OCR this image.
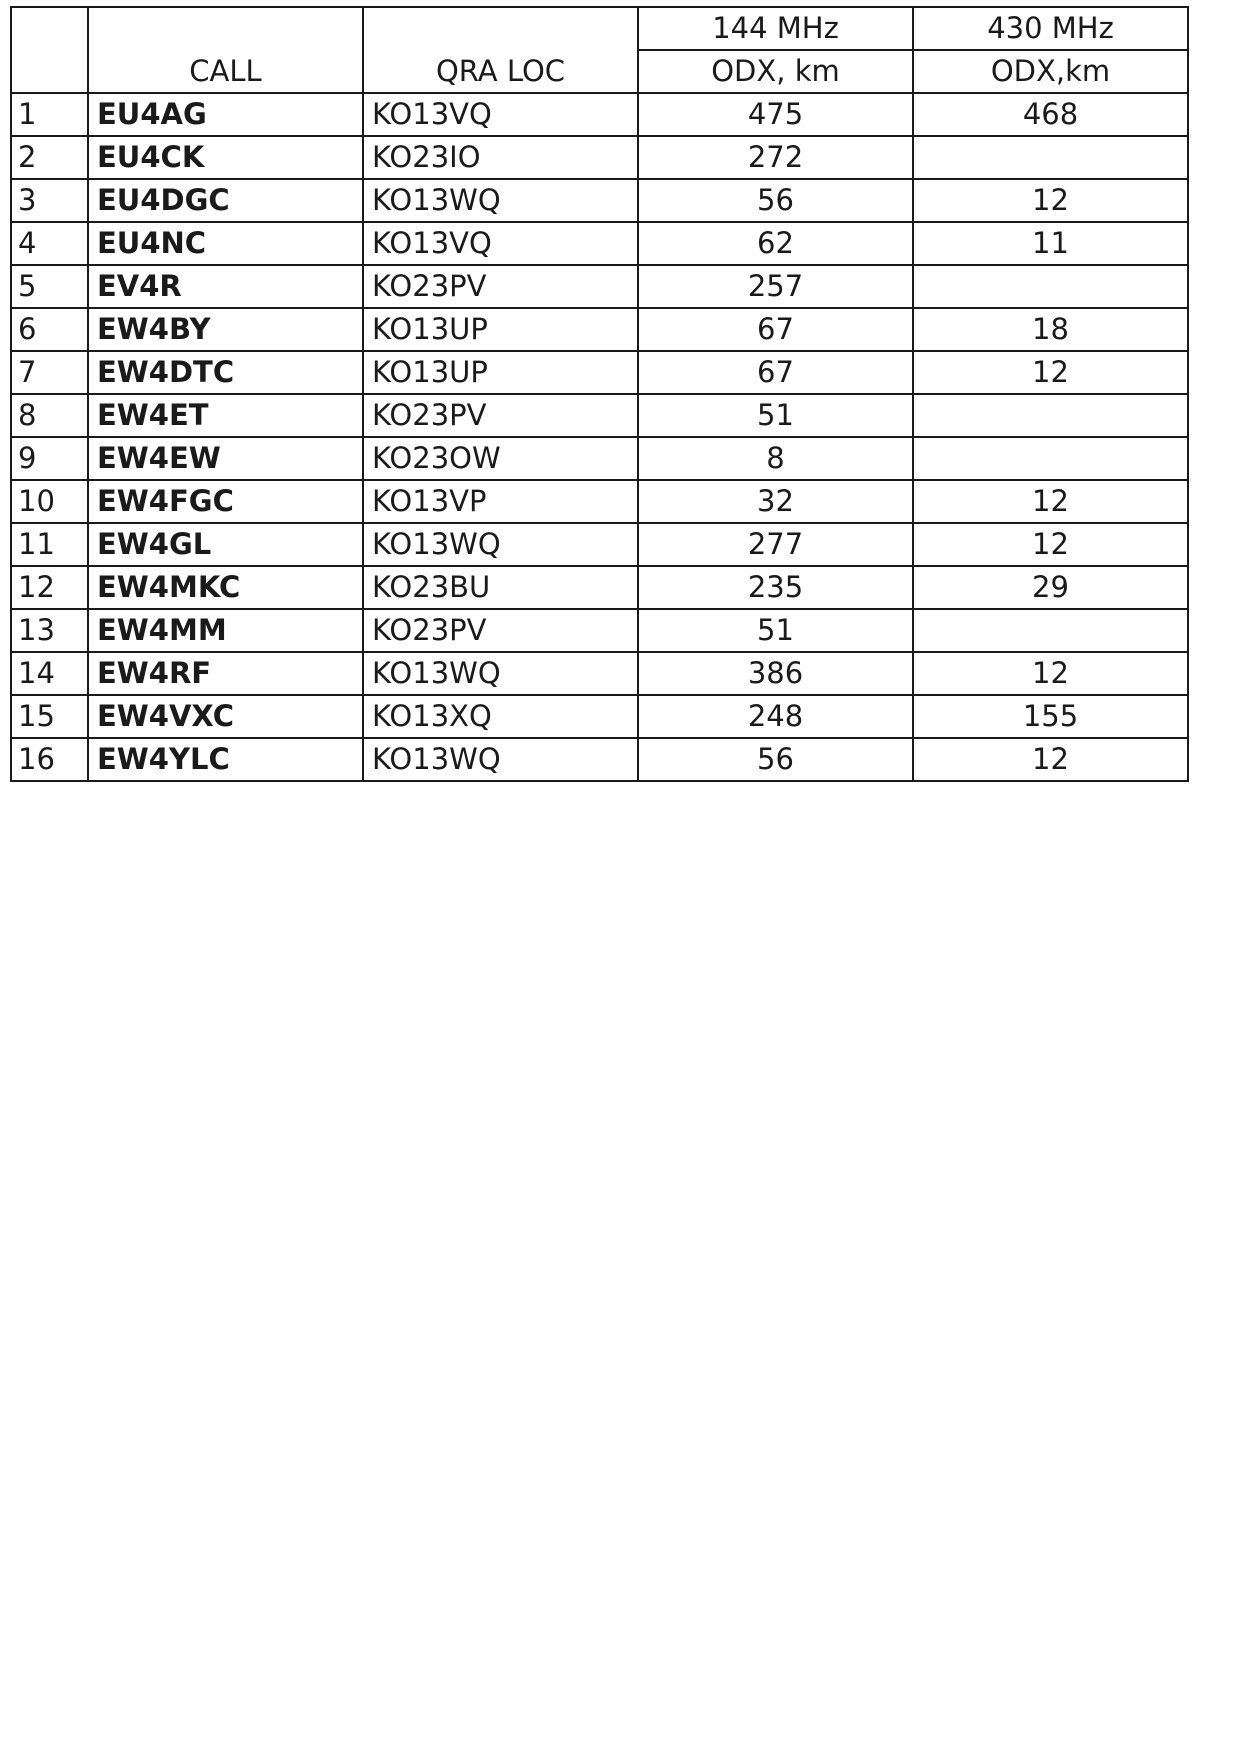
			144 MHz	430 MHz
	CALL	QRA LOC	ODX, km	ODX,km
1	EU4AG	KO13VQ	475	468
2	EU4CK	KO23IO	272	
3	EU4DGC	KO13WQ	56	12
4	EU4NC	KO13VQ	62	11
5	EV4R	KO23PV	257	
6	EW4BY	KO13UP	67	18
7	EW4DTC	KO13UP	67	12
8	EW4ET	KO23PV	51	
9	EW4EW	KO23OW	8	
10	EW4FGC	KO13VP	32	12
11	EW4GL	KO13WQ	277	12
12	EW4MKC	KO23BU	235	29
13	EW4MM	KO23PV	51	
14	EW4RF	KO13WQ	386	12
15	EW4VXC	KO13XQ	248	155
16	EW4YLC	KO13WQ	56	12
